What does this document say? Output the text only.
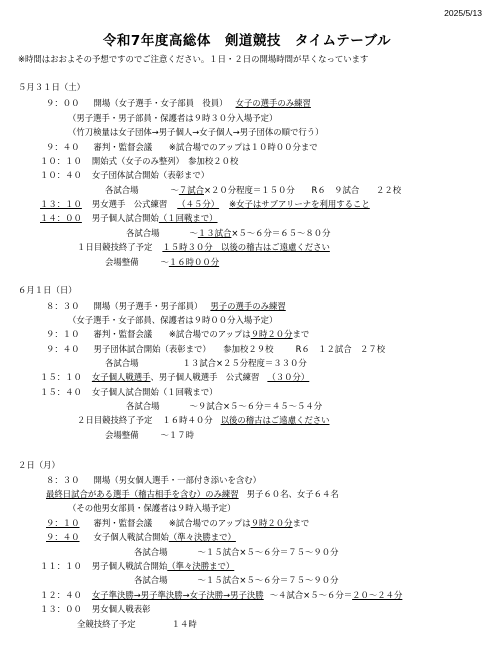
2025/5/13
令和7年度高総体　剣道競技　タイムテーブル
※時間はおおよその予想ですのでご注意ください。１日・２日の開場時間が早くなっています
５月３１日（土）
９：００ 開場（女子選手・女子部員　役員） 女子の選手のみ練習
（男子選手・男子部員・保護者は９時３０分入場予定）
（竹刀検量は女子団体→男子個人→女子個人→男子団体の順で行う）
９：４０ 審判・監督会議　　※試合場でのアップは１０時００分まで
１０：１０ 開始式（女子のみ整列）　参加校２０校
１０：４０ 女子団体試合開始（表彰まで）
各試合場	～７試合×２０分程度＝１５０分　　R６　９試合　　２２校
１３：１０ 男女選手　公式練習 （４５分） ※女子はサブアリーナを利用すること
１４：００ 男子個人試合開始（１回戦まで）
各試合場	～１３試合×５～６分＝６５～８０分
１日目競技終了予定 １５時３０分　以後の稽古はご遠慮ください
会場整備	～１６時００分
６月１日（日）
８：３０ 開場（男子選手・男子部員） 男子の選手のみ練習
（女子選手・女子部員、保護者は９時００分入場予定）
９：１０ 審判・監督会議　　※試合場でのアップは９時２０分まで
９：４０ 男子団体試合開始（表彰まで）　　参加校２９校	R６　１２試合　２７校
各試合場	１３試合×２５分程度＝３３０分
１５：１０ 女子個人戦選手、男子個人戦選手　公式練習 （３０分）
１５：４０ 女子個人試合開始（１回戦まで）
各試合場	～９試合×５～６分＝４５～５４分
２日目競技終了予定 １６時４０分 以後の稽古はご遠慮ください
会場整備	～１７時
２日（月）
８：３０ 開場（男女個人選手・一部付き添いを含む）
最終日試合がある選手（稽古相手を含む）のみ練習 男子６０名、女子６４名
（その他男女部員・保護者は９時入場予定）
９：１０ 審判・監督会議　　※試合場でのアップは９時２０分まで
９：４０ 女子個人戦試合開始（準々決勝まで）
各試合場	～１５試合×５～６分＝７５～９０分
１１：１０ 男子個人戦試合開始（準々決勝まで）
各試合場	～１５試合×５～６分＝７５～９０分
１２：４０ 女子準決勝→男子準決勝→女子決勝→男子決勝 ～４試合×５～６分＝２０～２４分
１３：００ 男女個人戦表彰
全競技終了予定	１４時
